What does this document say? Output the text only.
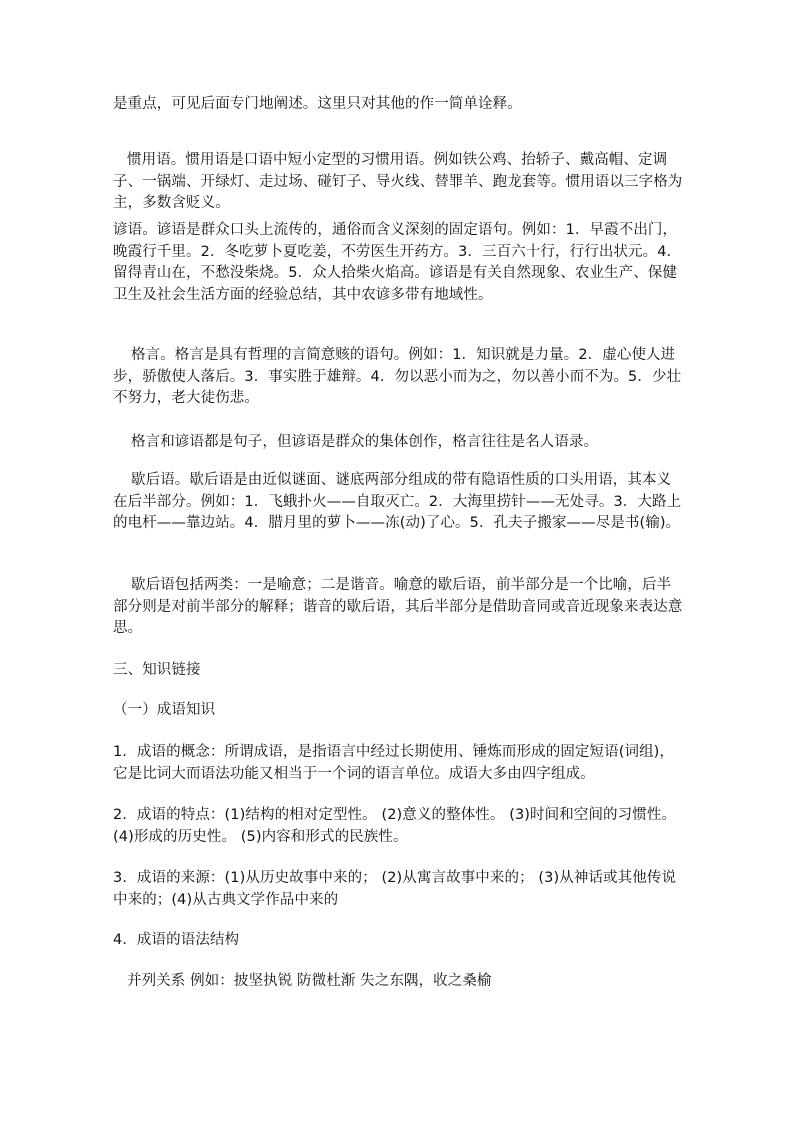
是重点，可见后面专门地阐述。这里只对其他的作一简单诠释。

惯用语。惯用语是口语中短小定型的习惯用语。例如铁公鸡、抬轿子、戴高帽、定调子、一锅端、开绿灯、走过场、碰钉子、导火线、替罪羊、跑龙套等。惯用语以三字格为主，多数含贬义。

谚语。谚语是群众口头上流传的，通俗而含义深刻的固定语句。例如：1．早霞不出门，晚霞行千里。2．冬吃萝卜夏吃姜，不劳医生开药方。3．三百六十行，行行出状元。4．留得青山在，不愁没柴烧。5．众人拾柴火焰高。谚语是有关自然现象、农业生产、保健卫生及社会生活方面的经验总结，其中农谚多带有地域性。

格言。格言是具有哲理的言简意赅的语句。例如：1．知识就是力量。2．虚心使人进步，骄傲使人落后。3．事实胜于雄辩。4．勿以恶小而为之，勿以善小而不为。5．少壮不努力，老大徒伤悲。

格言和谚语都是句子，但谚语是群众的集体创作，格言往往是名人语录。

歇后语。歇后语是由近似谜面、谜底两部分组成的带有隐语性质的口头用语，其本义在后半部分。例如：1．飞蛾扑火——自取灭亡。2．大海里捞针——无处寻。3．大路上的电杆——靠边站。4．腊月里的萝卜——冻(动)了心。5．孔夫子搬家——尽是书(输)。

歇后语包括两类：一是喻意；二是谐音。喻意的歇后语，前半部分是一个比喻，后半部分则是对前半部分的解释；谐音的歇后语，其后半部分是借助音同或音近现象来表达意思。

三、知识链接

（一）成语知识

1．成语的概念：所谓成语，是指语言中经过长期使用、锤炼而形成的固定短语(词组)，它是比词大而语法功能又相当于一个词的语言单位。成语大多由四字组成。

2．成语的特点：(1)结构的相对定型性。 (2)意义的整体性。 (3)时间和空间的习惯性。 (4)形成的历史性。 (5)内容和形式的民族性。

3．成语的来源：(1)从历史故事中来的； (2)从寓言故事中来的； (3)从神话或其他传说中来的；(4)从古典文学作品中来的

4．成语的语法结构

并列关系 例如：披坚执锐 防微杜渐 失之东隅，收之桑榆
